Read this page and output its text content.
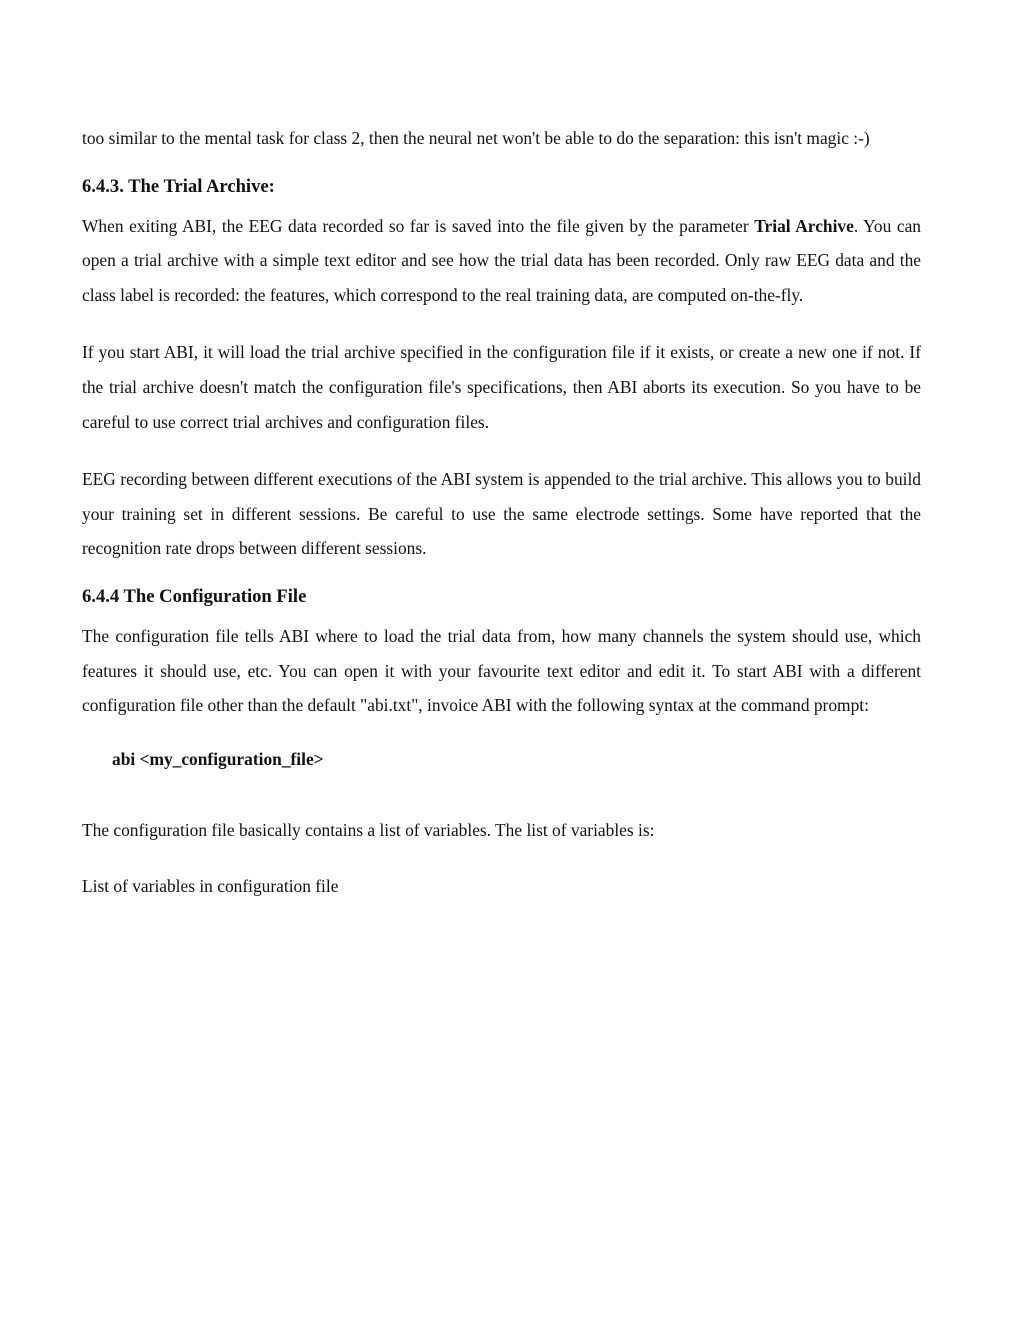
too similar to the mental task for class 2, then the neural net won't be able to do the separation: this isn't magic :-)

6.4.3. The Trial Archive:

When exiting ABI, the EEG data recorded so far is saved into the file given by the parameter Trial Archive. You can open a trial archive with a simple text editor and see how the trial data has been recorded. Only raw EEG data and the class label is recorded: the features, which correspond to the real training data, are computed on-the-fly.

If you start ABI, it will load the trial archive specified in the configuration file if it exists, or create a new one if not. If the trial archive doesn't match the configuration file's specifications, then ABI aborts its execution. So you have to be careful to use correct trial archives and configuration files.

EEG recording between different executions of the ABI system is appended to the trial archive. This allows you to build your training set in different sessions. Be careful to use the same electrode settings. Some have reported that the recognition rate drops between different sessions.

6.4.4 The Configuration File

The configuration file tells ABI where to load the trial data from, how many channels the system should use, which features it should use, etc. You can open it with your favourite text editor and edit it. To start ABI with a different configuration file other than the default "abi.txt", invoice ABI with the following syntax at the command prompt:

abi <my_configuration_file>

The configuration file basically contains a list of variables. The list of variables is:

List of variables in configuration file
